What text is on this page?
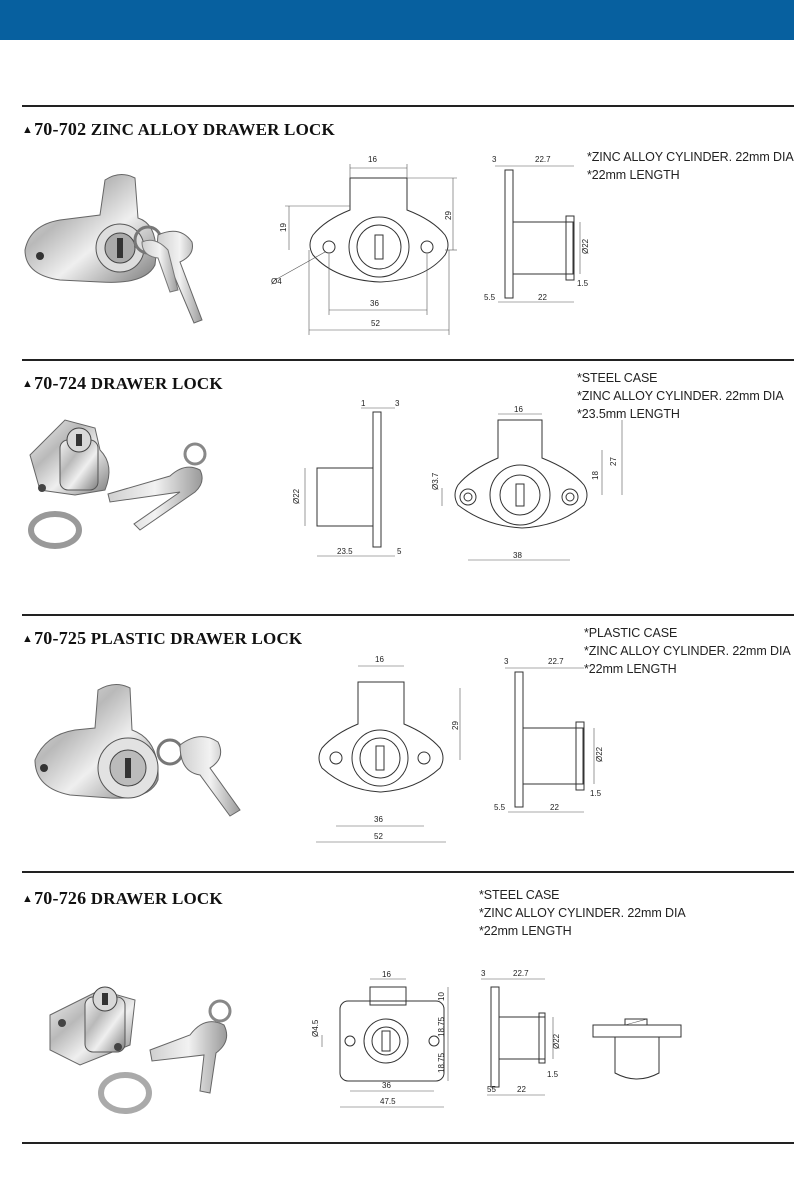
▲70-702 ZINC ALLOY DRAWER LOCK
*ZINC ALLOY CYLINDER. 22mm DIA
*22mm LENGTH
16
29
19
Ø4
36
52
3	22.7
Ø22
1.5
5.5	22
▲70-724 DRAWER LOCK	*STEEL CASE
*ZINC ALLOY CYLINDER. 22mm DIA
*23.5mm LENGTH
1	3
Ø22
23.5	5
16
27
18
Ø3.7
38
▲70-725 PLASTIC DRAWER LOCK	*PLASTIC CASE
*ZINC ALLOY CYLINDER. 22mm DIA
*22mm LENGTH
16
29
36
52
3	22.7
Ø22
1.5
5.5	22
▲70-726 DRAWER LOCK	*STEEL CASE
*ZINC ALLOY CYLINDER. 22mm DIA
*22mm LENGTH
16
10
18.75
18.75
Ø4.5
36
47.5
3	22.7
Ø22
1.5
55	22
